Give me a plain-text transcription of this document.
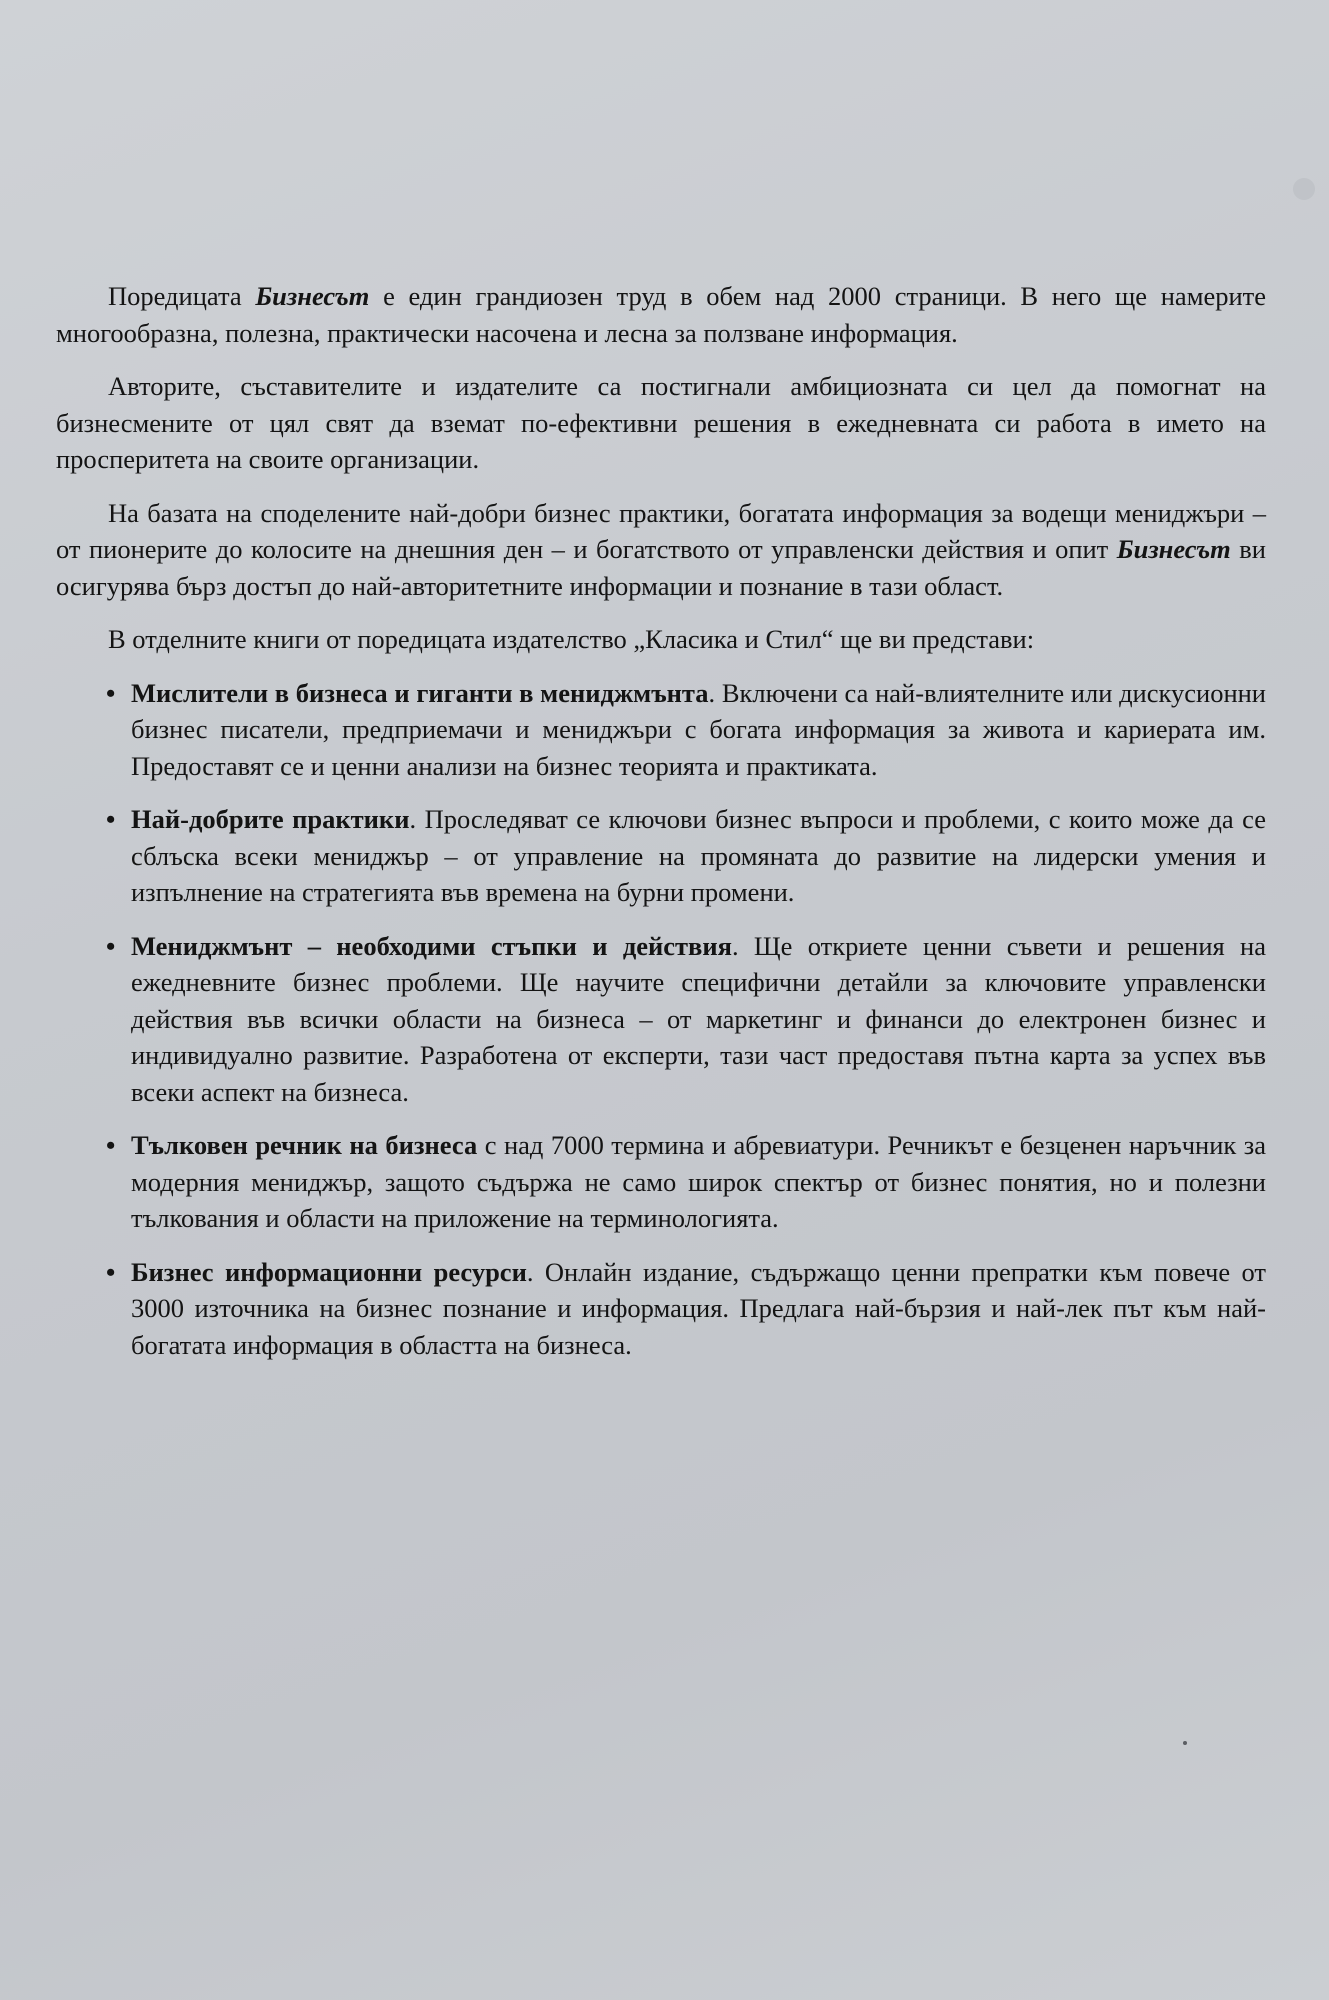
Поредицата Бизнесът е един грандиозен труд в обем над 2000 страници. В него ще намерите многообразна, полезна, практически насочена и лесна за ползване информация.

Авторите, съставителите и издателите са постигнали амбициозната си цел да помогнат на бизнесмените от цял свят да вземат по-ефективни решения в ежедневната си работа в името на просперитета на своите организации.

На базата на споделените най-добри бизнес практики, богатата информация за водещи мениджъри – от пионерите до колосите на днешния ден – и богатството от управленски действия и опит Бизнесът ви осигурява бърз достъп до най-авторитетните информации и познание в тази област.

В отделните книги от поредицата издателство „Класика и Стил“ ще ви представи:

• Мислители в бизнеса и гиганти в мениджмънта. Включени са най-влиятелните или дискусионни бизнес писатели, предприемачи и мениджъри с богата информация за живота и кариерата им. Предоставят се и ценни анализи на бизнес теорията и практиката.
• Най-добрите практики. Проследяват се ключови бизнес въпроси и проблеми, с които може да се сблъска всеки мениджър – от управление на промяната до развитие на лидерски умения и изпълнение на стратегията във времена на бурни промени.
• Мениджмънт – необходими стъпки и действия. Ще откриете ценни съвети и решения на ежедневните бизнес проблеми. Ще научите специфични детайли за ключовите управленски действия във всички области на бизнеса – от маркетинг и финанси до електронен бизнес и индивидуално развитие. Разработена от експерти, тази част предоставя пътна карта за успех във всеки аспект на бизнеса.
• Тълковен речник на бизнеса с над 7000 термина и абревиатури. Речникът е безценен наръчник за модерния мениджър, защото съдържа не само широк спектър от бизнес понятия, но и полезни тълкования и области на приложение на терминологията.
• Бизнес информационни ресурси. Онлайн издание, съдържащо ценни препратки към повече от 3000 източника на бизнес познание и информация. Предлага най-бързия и най-лек път към най-богатата информация в областта на бизнеса.
